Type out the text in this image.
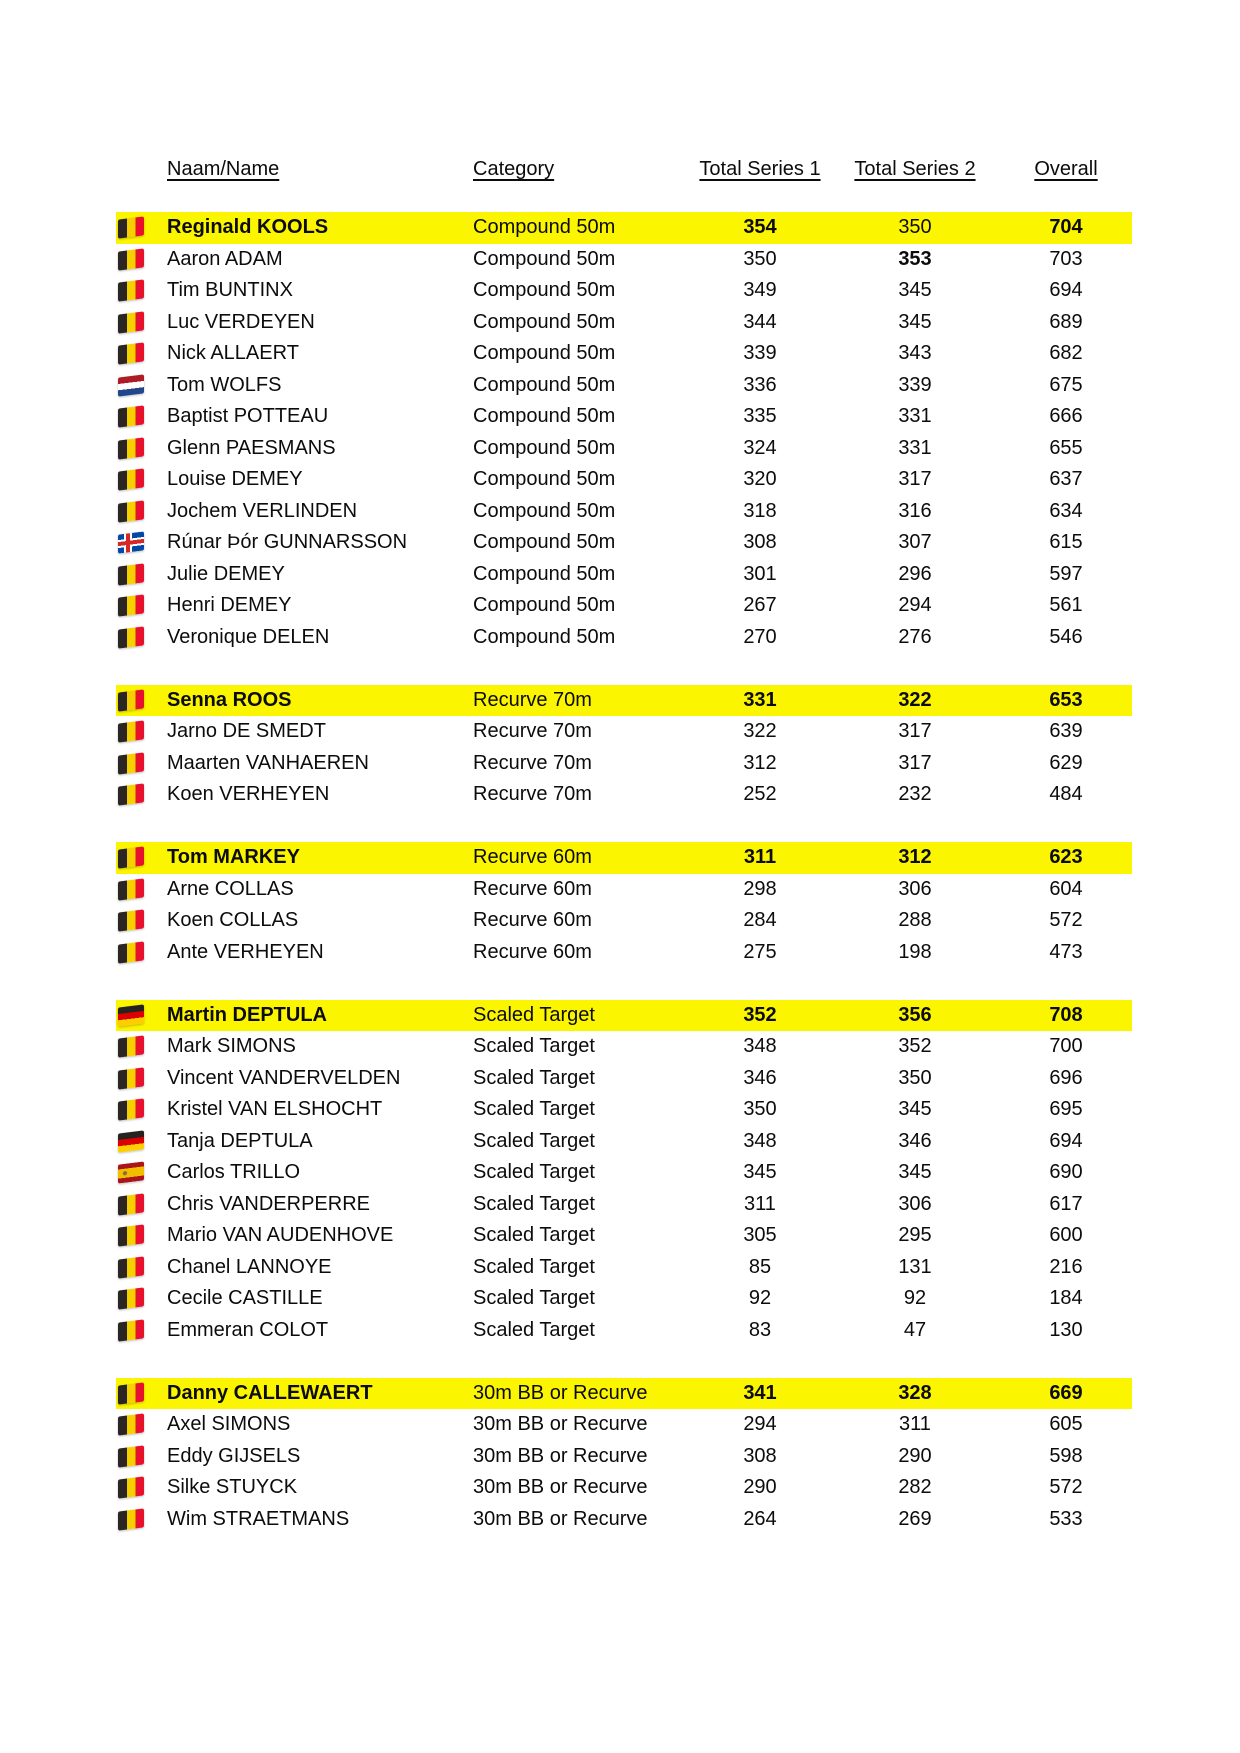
Naam/Name	Category	Total Series 1	Total Series 2	Overall
Reginald KOOLS	Compound 50m	354	350	704
Aaron ADAM	Compound 50m	350	353	703
Tim BUNTINX	Compound 50m	349	345	694
Luc VERDEYEN	Compound 50m	344	345	689
Nick ALLAERT	Compound 50m	339	343	682
Tom WOLFS	Compound 50m	336	339	675
Baptist POTTEAU	Compound 50m	335	331	666
Glenn PAESMANS	Compound 50m	324	331	655
Louise DEMEY	Compound 50m	320	317	637
Jochem VERLINDEN	Compound 50m	318	316	634
Rúnar Þór GUNNARSSON	Compound 50m	308	307	615
Julie DEMEY	Compound 50m	301	296	597
Henri DEMEY	Compound 50m	267	294	561
Veronique DELEN	Compound 50m	270	276	546
Senna ROOS	Recurve 70m	331	322	653
Jarno DE SMEDT	Recurve 70m	322	317	639
Maarten VANHAEREN	Recurve 70m	312	317	629
Koen VERHEYEN	Recurve 70m	252	232	484
Tom MARKEY	Recurve 60m	311	312	623
Arne COLLAS	Recurve 60m	298	306	604
Koen COLLAS	Recurve 60m	284	288	572
Ante VERHEYEN	Recurve 60m	275	198	473
Martin DEPTULA	Scaled Target	352	356	708
Mark SIMONS	Scaled Target	348	352	700
Vincent VANDERVELDEN	Scaled Target	346	350	696
Kristel VAN ELSHOCHT	Scaled Target	350	345	695
Tanja DEPTULA	Scaled Target	348	346	694
Carlos TRILLO	Scaled Target	345	345	690
Chris VANDERPERRE	Scaled Target	311	306	617
Mario VAN AUDENHOVE	Scaled Target	305	295	600
Chanel LANNOYE	Scaled Target	85	131	216
Cecile CASTILLE	Scaled Target	92	92	184
Emmeran COLOT	Scaled Target	83	47	130
Danny CALLEWAERT	30m BB or Recurve	341	328	669
Axel SIMONS	30m BB or Recurve	294	311	605
Eddy GIJSELS	30m BB or Recurve	308	290	598
Silke STUYCK	30m BB or Recurve	290	282	572
Wim STRAETMANS	30m BB or Recurve	264	269	533
